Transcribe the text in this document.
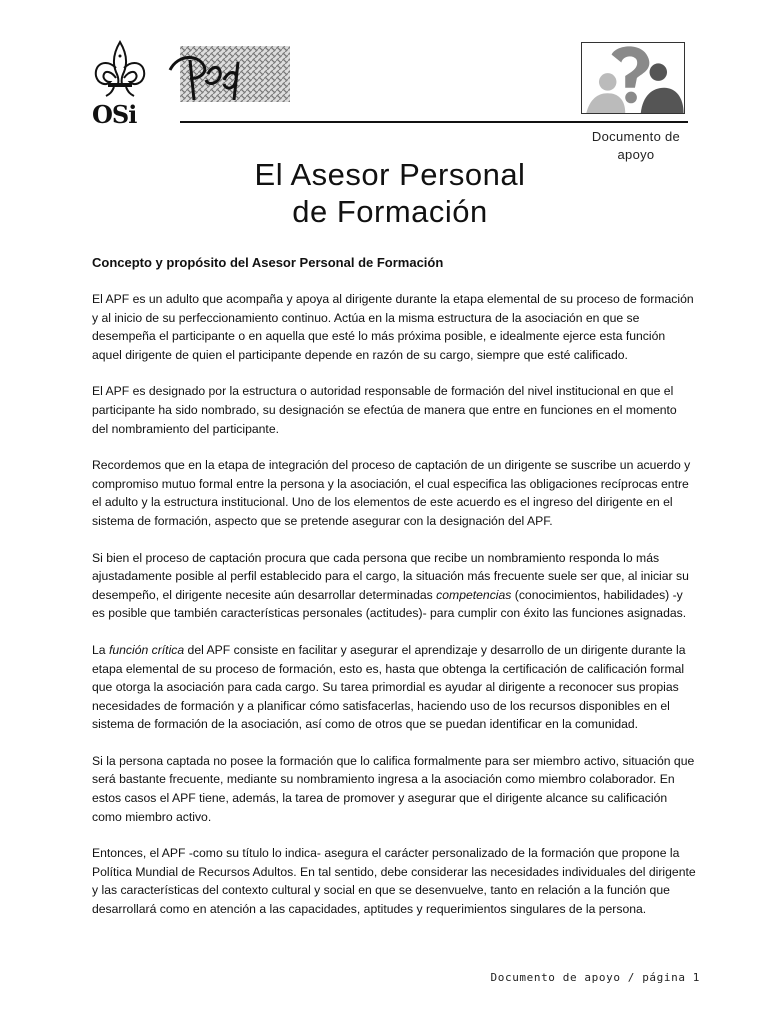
OSi
Documento de
apoyo
El Asesor Personal
de Formación

Concepto y propósito del Asesor Personal de Formación

El APF es un adulto que acompaña y apoya al dirigente durante la etapa elemental de su proceso de formación y al inicio de su perfeccionamiento continuo. Actúa en la misma estructura de la asociación en que se desempeña el participante o en aquella que esté lo más próxima posible, e idealmente ejerce esta función aquel dirigente de quien el participante depende en razón de su cargo, siempre que esté calificado.

El APF es designado por la estructura o autoridad responsable de formación del nivel institucional en que el participante ha sido nombrado, su designación se efectúa de manera que entre en funciones en el momento del nombramiento del participante.

Recordemos que en la etapa de integración del proceso de captación de un dirigente se suscribe un acuerdo y compromiso mutuo formal entre la persona y la asociación, el cual especifica las obligaciones recíprocas entre el adulto y la estructura institucional. Uno de los elementos de este acuerdo es el ingreso del dirigente en el sistema de formación, aspecto que se pretende asegurar con la designación del APF.

Si bien el proceso de captación procura que cada persona que recibe un nombramiento responda lo más ajustadamente posible al perfil establecido para el cargo, la situación más frecuente suele ser que, al iniciar su desempeño, el dirigente necesite aún desarrollar determinadas competencias (conocimientos, habilidades) -y es posible que también características personales (actitudes)- para cumplir con éxito las funciones asignadas.

La función crítica del APF consiste en facilitar y asegurar el aprendizaje y desarrollo de un dirigente durante la etapa elemental de su proceso de formación, esto es, hasta que obtenga la certificación de calificación formal que otorga la asociación para cada cargo. Su tarea primordial es ayudar al dirigente a reconocer sus propias necesidades de formación y a planificar cómo satisfacerlas, haciendo uso de los recursos disponibles en el sistema de formación de la asociación, así como de otros que se puedan identificar en la comunidad.

Si la persona captada no posee la formación que lo califica formalmente para ser miembro activo, situación que será bastante frecuente, mediante su nombramiento ingresa a la asociación como miembro colaborador. En estos casos el APF tiene, además, la tarea de promover y asegurar que el dirigente alcance su calificación como miembro activo.

Entonces, el APF -como su título lo indica- asegura el carácter personalizado de la formación que propone la Política Mundial de Recursos Adultos. En tal sentido, debe considerar las necesidades individuales del dirigente y las características del contexto cultural y social en que se desenvuelve, tanto en relación a la función que desarrollará como en atención a las capacidades, aptitudes y requerimientos singulares de la persona.

Documento de apoyo / página 1
